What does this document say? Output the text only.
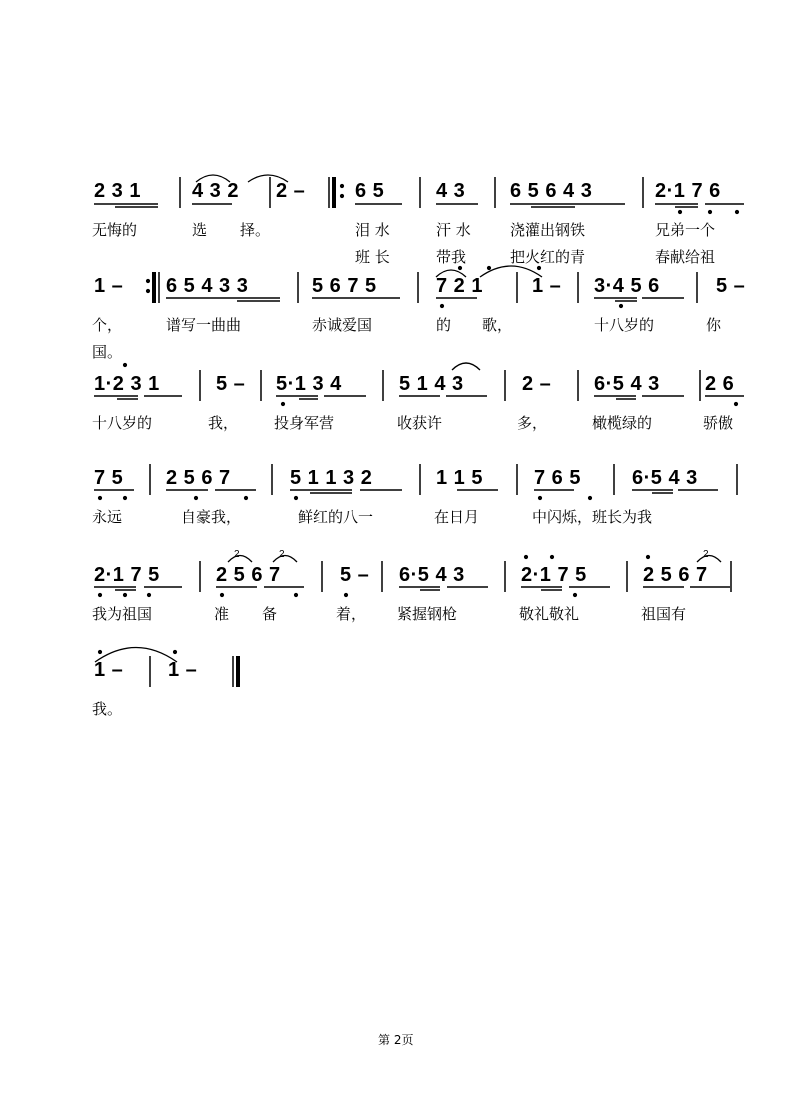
2	2	2
2 3 1	4 3 2 2 – 6 5	4 3 6 5 6 4 3	2·1 7 6
无悔的	选 择。	泪 水	汗 水	浇灌出钢铁	兄弟一个
班 长	带我	把火红的青	春献给祖
1 – 6 5 4 3 3	5 6 7 5	7 2 1 1 – 3·4 5 6	5 –
个，	谱写一曲曲	赤诚爱国	的 歌，	十八岁的	你
国。
1·2 3 1	5 – 5·1 3 4	5 1 4 3	2 – 6·5 4 3 2 6
十八岁的	我， 投身军营	收获许	多，	橄榄绿的	骄傲
7 5 2 5 6 7	5 1 1 3 2	1 1 5	7 6 5	6·5 4 3
永远	自豪我，	鲜红的八一	在日月	中闪烁，班长为我
2·1 7 5	2 5 6 7	5 – 6·5 4 3	2·1 7 5	2 5 6 7
我为祖国	准 备	着， 紧握钢枪	敬礼敬礼	祖国有
1 – 1 –
我。
第 2页
